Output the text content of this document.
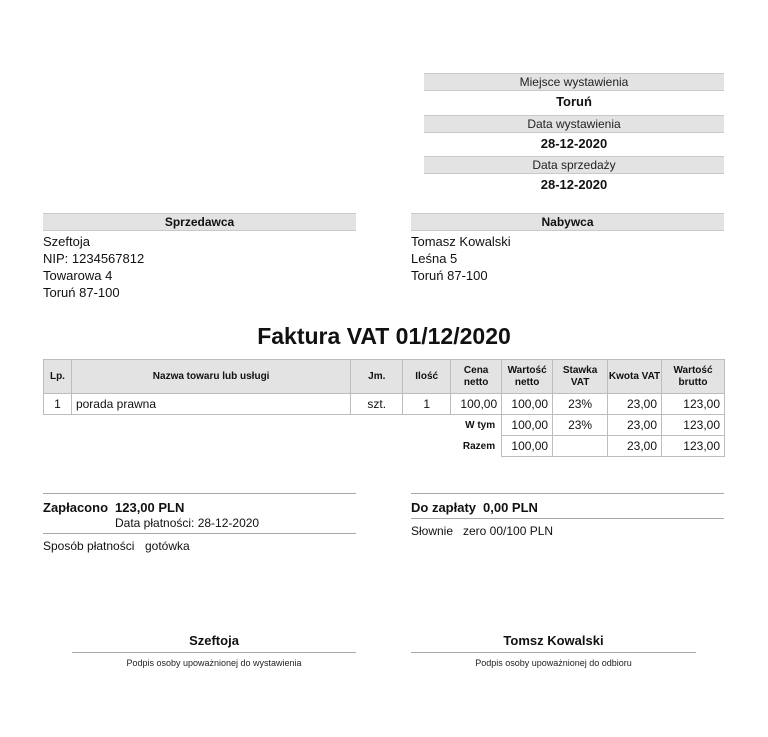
Miejsce wystawienia
Toruń
Data wystawienia
28-12-2020
Data sprzedaży
28-12-2020
Sprzedawca
Szeftoja
NIP: 1234567812
Towarowa 4
Toruń 87-100
Nabywca
Tomasz Kowalski
Leśna 5
Toruń 87-100
Faktura VAT 01/12/2020
Lp.	Nazwa towaru lub usługi	Jm.	Ilość	Cena netto	Wartość netto	Stawka VAT	Kwota VAT	Wartość brutto
1	porada prawna	szt.	1	100,00	100,00	23%	23,00	123,00
			W tym		100,00	23%	23,00	123,00
			Razem		100,00		23,00	123,00
Zapłacono 123,00 PLN
Data płatności: 28-12-2020
Sposób płatności gotówka
Do zapłaty 0,00 PLN
Słownie zero 00/100 PLN
Szeftoja
Podpis osoby upoważnionej do wystawienia
Tomsz Kowalski
Podpis osoby upoważnionej do odbioru
